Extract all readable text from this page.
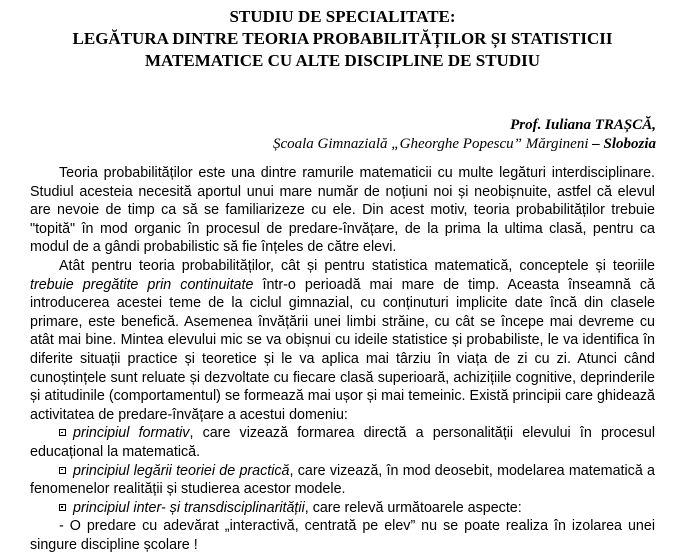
STUDIU DE SPECIALITATE:
LEGĂTURA DINTRE TEORIA PROBABILITĂȚILOR ȘI STATISTICII
MATEMATICE CU ALTE DISCIPLINE DE STUDIU
Prof. Iuliana TRAȘCĂ,
Școala Gimnazială „Gheorghe Popescu” Mărgineni – Slobozia

Teoria probabilităților este una dintre ramurile matematicii cu multe legături interdisciplinare. Studiul acesteia necesită aportul unui mare număr de noțiuni noi și neobișnuite, astfel că elevul are nevoie de timp ca să se familiarizeze cu ele. Din acest motiv, teoria probabilităților trebuie "topită" în mod organic în procesul de predare-învățare, de la prima la ultima clasă, pentru ca modul de a gândi probabilistic să fie înțeles de către elevi.

Atât pentru teoria probabilităților, cât și pentru statistica matematică, conceptele și teoriile trebuie pregătite prin continuitate într-o perioadă mai mare de timp. Aceasta înseamnă că introducerea acestei teme de la ciclul gimnazial, cu conținuturi implicite date încă din clasele primare, este benefică. Asemenea învățării unei limbi străine, cu cât se începe mai devreme cu atât mai bine. Mintea elevului mic se va obișnui cu ideile statistice și probabiliste, le va identifica în diferite situații practice și teoretice și le va aplica mai târziu în viața de zi cu zi. Atunci când cunoștințele sunt reluate și dezvoltate cu fiecare clasă superioară, achizițiile cognitive, deprinderile și atitudinile (comportamentul) se formează mai ușor și mai temeinic. Există principii care ghidează activitatea de predare-învățare a acestui domeniu:

principiul formativ, care vizează formarea directă a personalității elevului în procesul educațional la matematică.

principiul legării teoriei de practică, care vizează, în mod deosebit, modelarea matematică a fenomenelor realității și studierea acestor modele.

principiul inter- și transdisciplinarității, care relevă următoarele aspecte:

- O predare cu adevărat „interactivă, centrată pe elev” nu se poate realiza în izolarea unei singure discipline școlare !
